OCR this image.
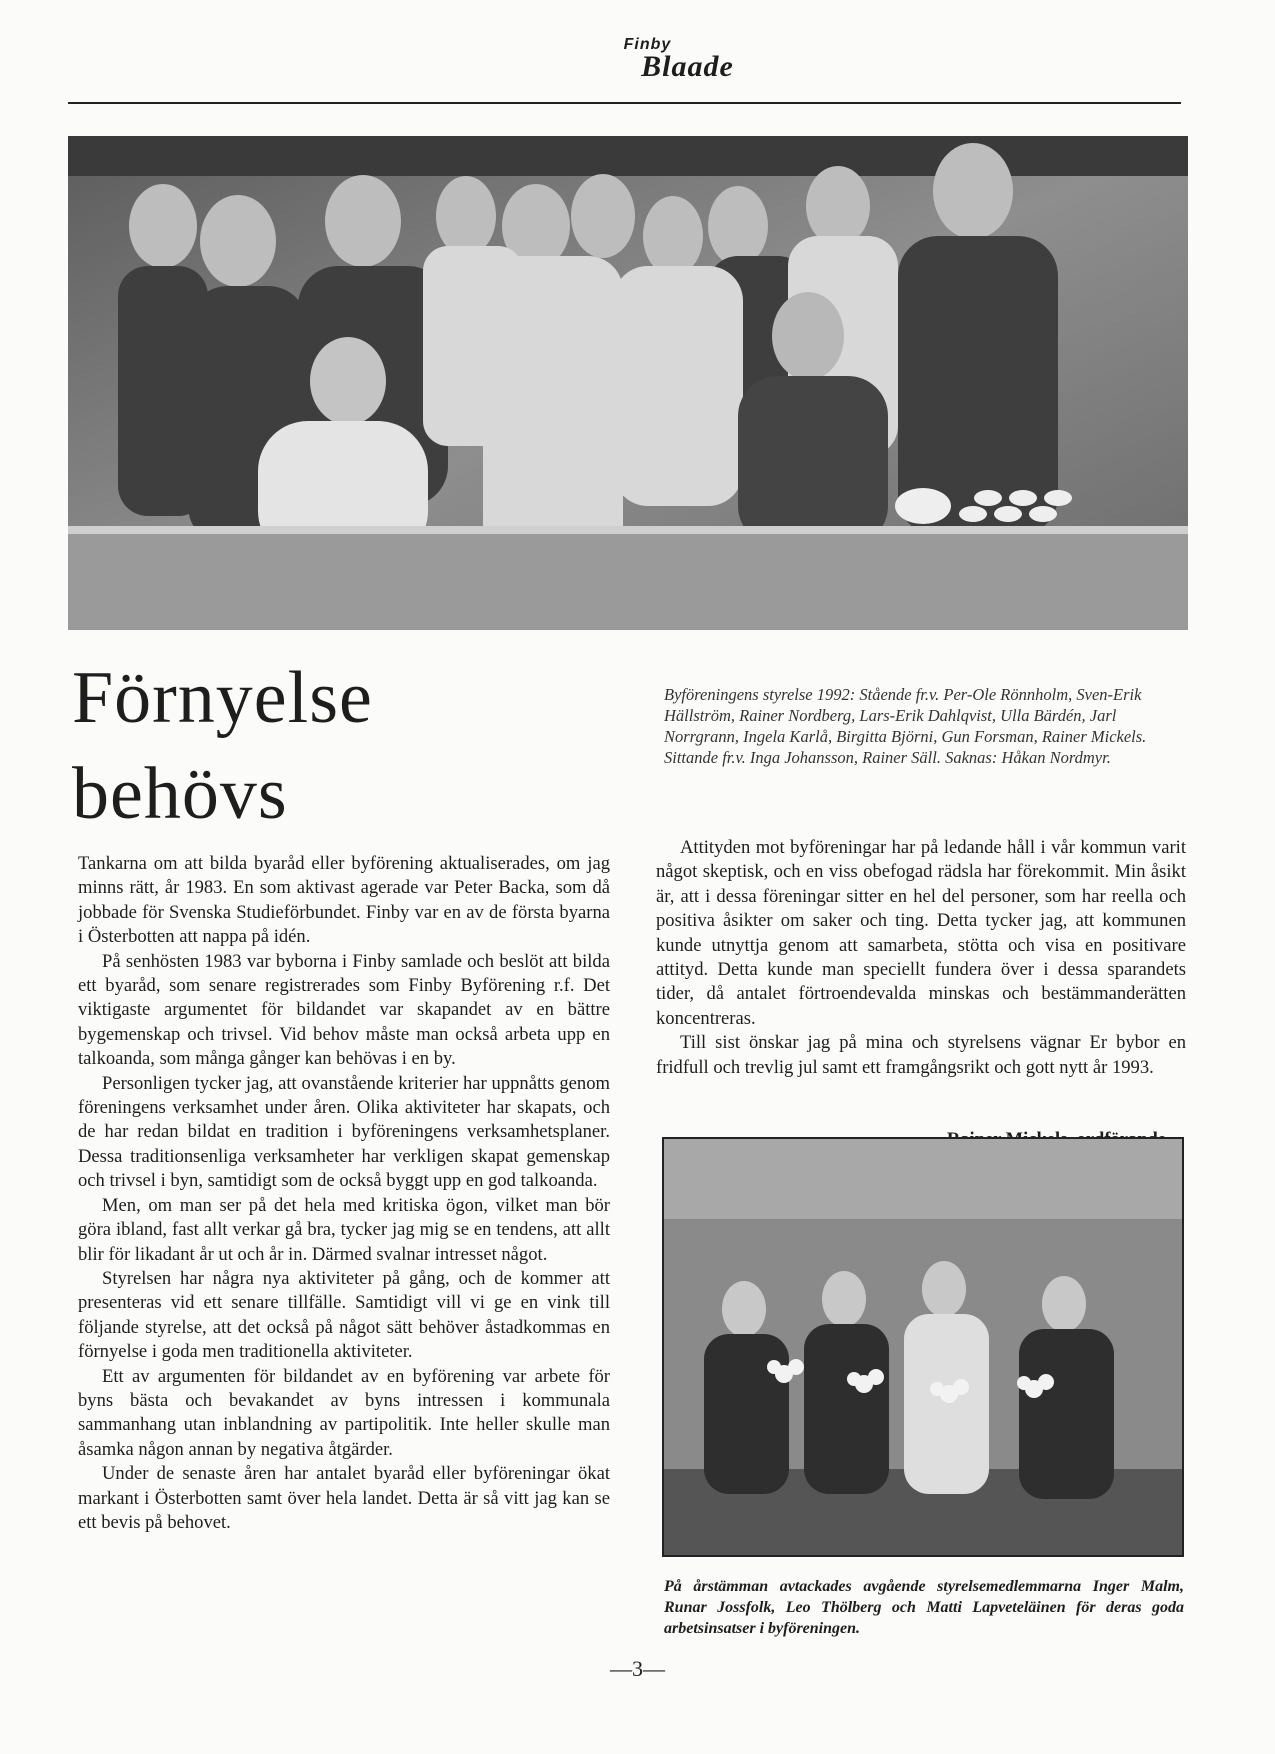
Finby
Blaade
Förnyelse
behövs
Byföreningens styrelse 1992: Stående fr.v. Per-Ole Rönnholm, Sven-Erik Hällström, Rainer Nordberg, Lars-Erik Dahlqvist, Ulla Bärdén, Jarl Norrgrann, Ingela Karlå, Birgitta Björni, Gun Forsman, Rainer Mickels. Sittande fr.v. Inga Johansson, Rainer Säll. Saknas: Håkan Nordmyr.

Tankarna om att bilda byaråd eller byförening aktualiserades, om jag minns rätt, år 1983. En som aktivast agerade var Peter Backa, som då jobbade för Svenska Studieförbundet. Finby var en av de första byarna i Österbotten att nappa på idén.

På senhösten 1983 var byborna i Finby samlade och beslöt att bilda ett byaråd, som senare registrerades som Finby Byförening r.f. Det viktigaste argumentet för bildandet var skapandet av en bättre bygemenskap och trivsel. Vid behov måste man också arbeta upp en talkoanda, som många gånger kan behövas i en by.

Personligen tycker jag, att ovanstående kriterier har uppnåtts genom föreningens verksamhet under åren. Olika aktiviteter har skapats, och de har redan bildat en tradition i byföreningens verksamhetsplaner. Dessa traditionsenliga verksamheter har verkligen skapat gemenskap och trivsel i byn, samtidigt som de också byggt upp en god talkoanda.

Men, om man ser på det hela med kritiska ögon, vilket man bör göra ibland, fast allt verkar gå bra, tycker jag mig se en tendens, att allt blir för likadant år ut och år in. Därmed svalnar intresset något.

Styrelsen har några nya aktiviteter på gång, och de kommer att presenteras vid ett senare tillfälle. Samtidigt vill vi ge en vink till följande styrelse, att det också på något sätt behöver åstadkommas en förnyelse i goda men traditionella aktiviteter.

Ett av argumenten för bildandet av en byförening var arbete för byns bästa och bevakandet av byns intressen i kommunala sammanhang utan inblandning av partipolitik. Inte heller skulle man åsamka någon annan by negativa åtgärder.

Under de senaste åren har antalet byaråd eller byföreningar ökat markant i Österbotten samt över hela landet. Detta är så vitt jag kan se ett bevis på behovet.

Attityden mot byföreningar har på ledande håll i vår kommun varit något skeptisk, och en viss obefogad rädsla har förekommit. Min åsikt är, att i dessa föreningar sitter en hel del personer, som har reella och positiva åsikter om saker och ting. Detta tycker jag, att kommunen kunde utnyttja genom att samarbeta, stötta och visa en positivare attityd. Detta kunde man speciellt fundera över i dessa sparandets tider, då antalet förtroendevalda minskas och bestämmanderätten koncentreras.

Till sist önskar jag på mina och styrelsens vägnar Er bybor en fridfull och trevlig jul samt ett framgångsrikt och gott nytt år 1993.

På årstämman avtackades avgående styrelsemedlemmarna Inger Malm, Runar Jossfolk, Leo Thölberg och Matti Lapveteläinen för deras goda arbetsinsatser i byföreningen.
—3—
